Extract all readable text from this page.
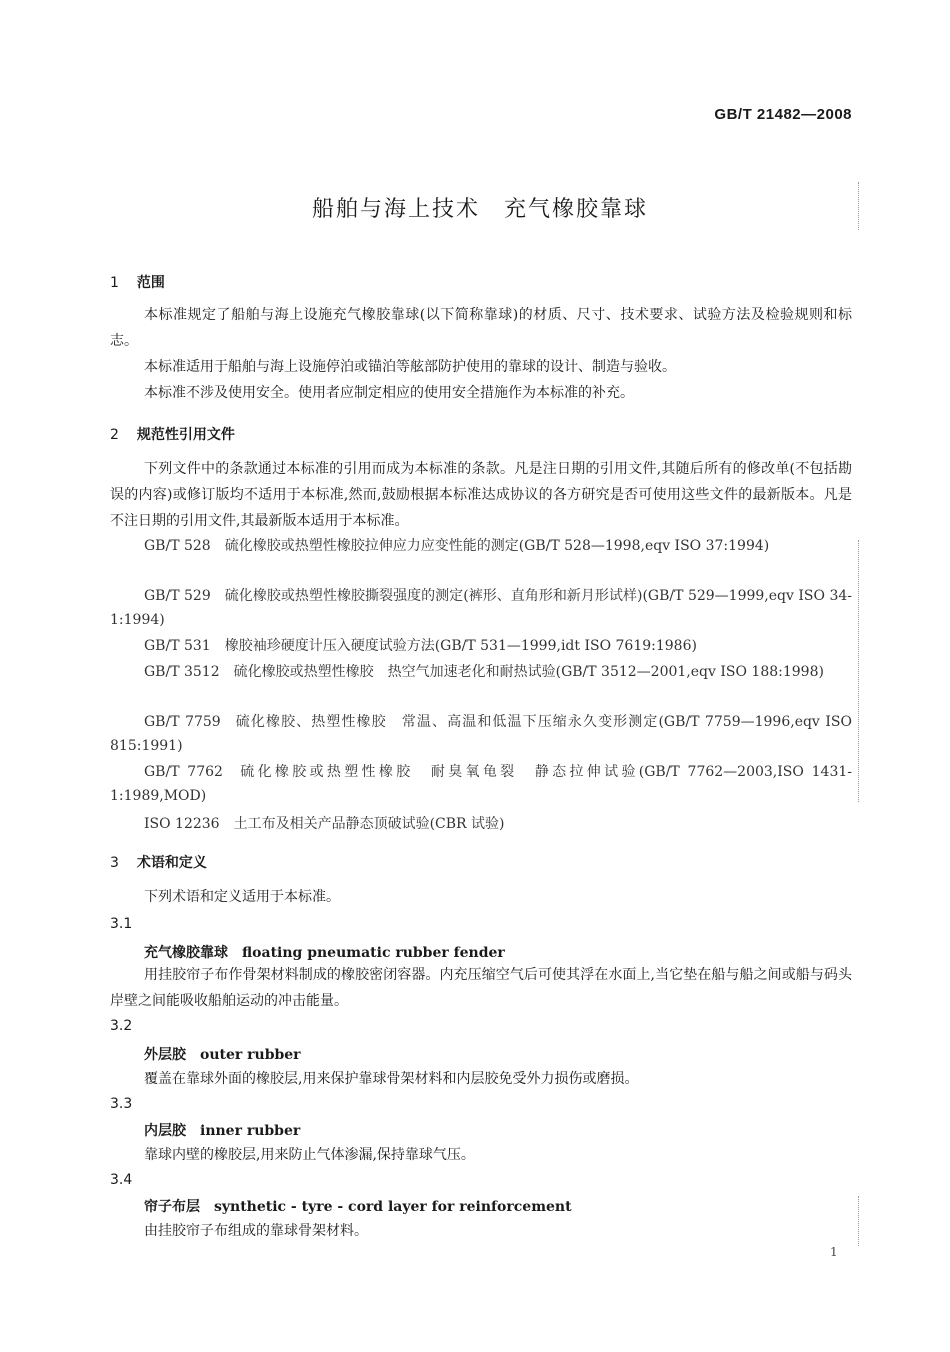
GB/T 21482—2008
船舶与海上技术　充气橡胶靠球
1 范围
本标准规定了船舶与海上设施充气橡胶靠球(以下简称靠球)的材质、尺寸、技术要求、试验方法及检验规则和标志。
本标准适用于船舶与海上设施停泊或锚泊等舷部防护使用的靠球的设计、制造与验收。
本标准不涉及使用安全。使用者应制定相应的使用安全措施作为本标准的补充。
2 规范性引用文件
下列文件中的条款通过本标准的引用而成为本标准的条款。凡是注日期的引用文件,其随后所有的修改单(不包括勘误的内容)或修订版均不适用于本标准,然而,鼓励根据本标准达成协议的各方研究是否可使用这些文件的最新版本。凡是不注日期的引用文件,其最新版本适用于本标准。
GB/T 528 硫化橡胶或热塑性橡胶拉伸应力应变性能的测定(GB/T 528—1998,eqv ISO 37:1994)
GB/T 529 硫化橡胶或热塑性橡胶撕裂强度的测定(裤形、直角形和新月形试样)(GB/T 529—1999,eqv ISO 34-1:1994)
GB/T 531 橡胶袖珍硬度计压入硬度试验方法(GB/T 531—1999,idt ISO 7619:1986)
GB/T 3512 硫化橡胶或热塑性橡胶　热空气加速老化和耐热试验(GB/T 3512—2001,eqv ISO 188:1998)
GB/T 7759 硫化橡胶、热塑性橡胶　常温、高温和低温下压缩永久变形测定(GB/T 7759—1996,eqv ISO 815:1991)
GB/T 7762 硫化橡胶或热塑性橡胶　耐臭氧龟裂　静态拉伸试验(GB/T 7762—2003,ISO 1431-1:1989,MOD)
ISO 12236 土工布及相关产品静态顶破试验(CBR 试验)
3 术语和定义
下列术语和定义适用于本标准。
3.1
充气橡胶靠球 floating pneumatic rubber fender
用挂胶帘子布作骨架材料制成的橡胶密闭容器。内充压缩空气后可使其浮在水面上,当它垫在船与船之间或船与码头岸壁之间能吸收船舶运动的冲击能量。
3.2
外层胶 outer rubber
覆盖在靠球外面的橡胶层,用来保护靠球骨架材料和内层胶免受外力损伤或磨损。
3.3
内层胶 inner rubber
靠球内壁的橡胶层,用来防止气体渗漏,保持靠球气压。
3.4
帘子布层 synthetic - tyre - cord layer for reinforcement
由挂胶帘子布组成的靠球骨架材料。
1
